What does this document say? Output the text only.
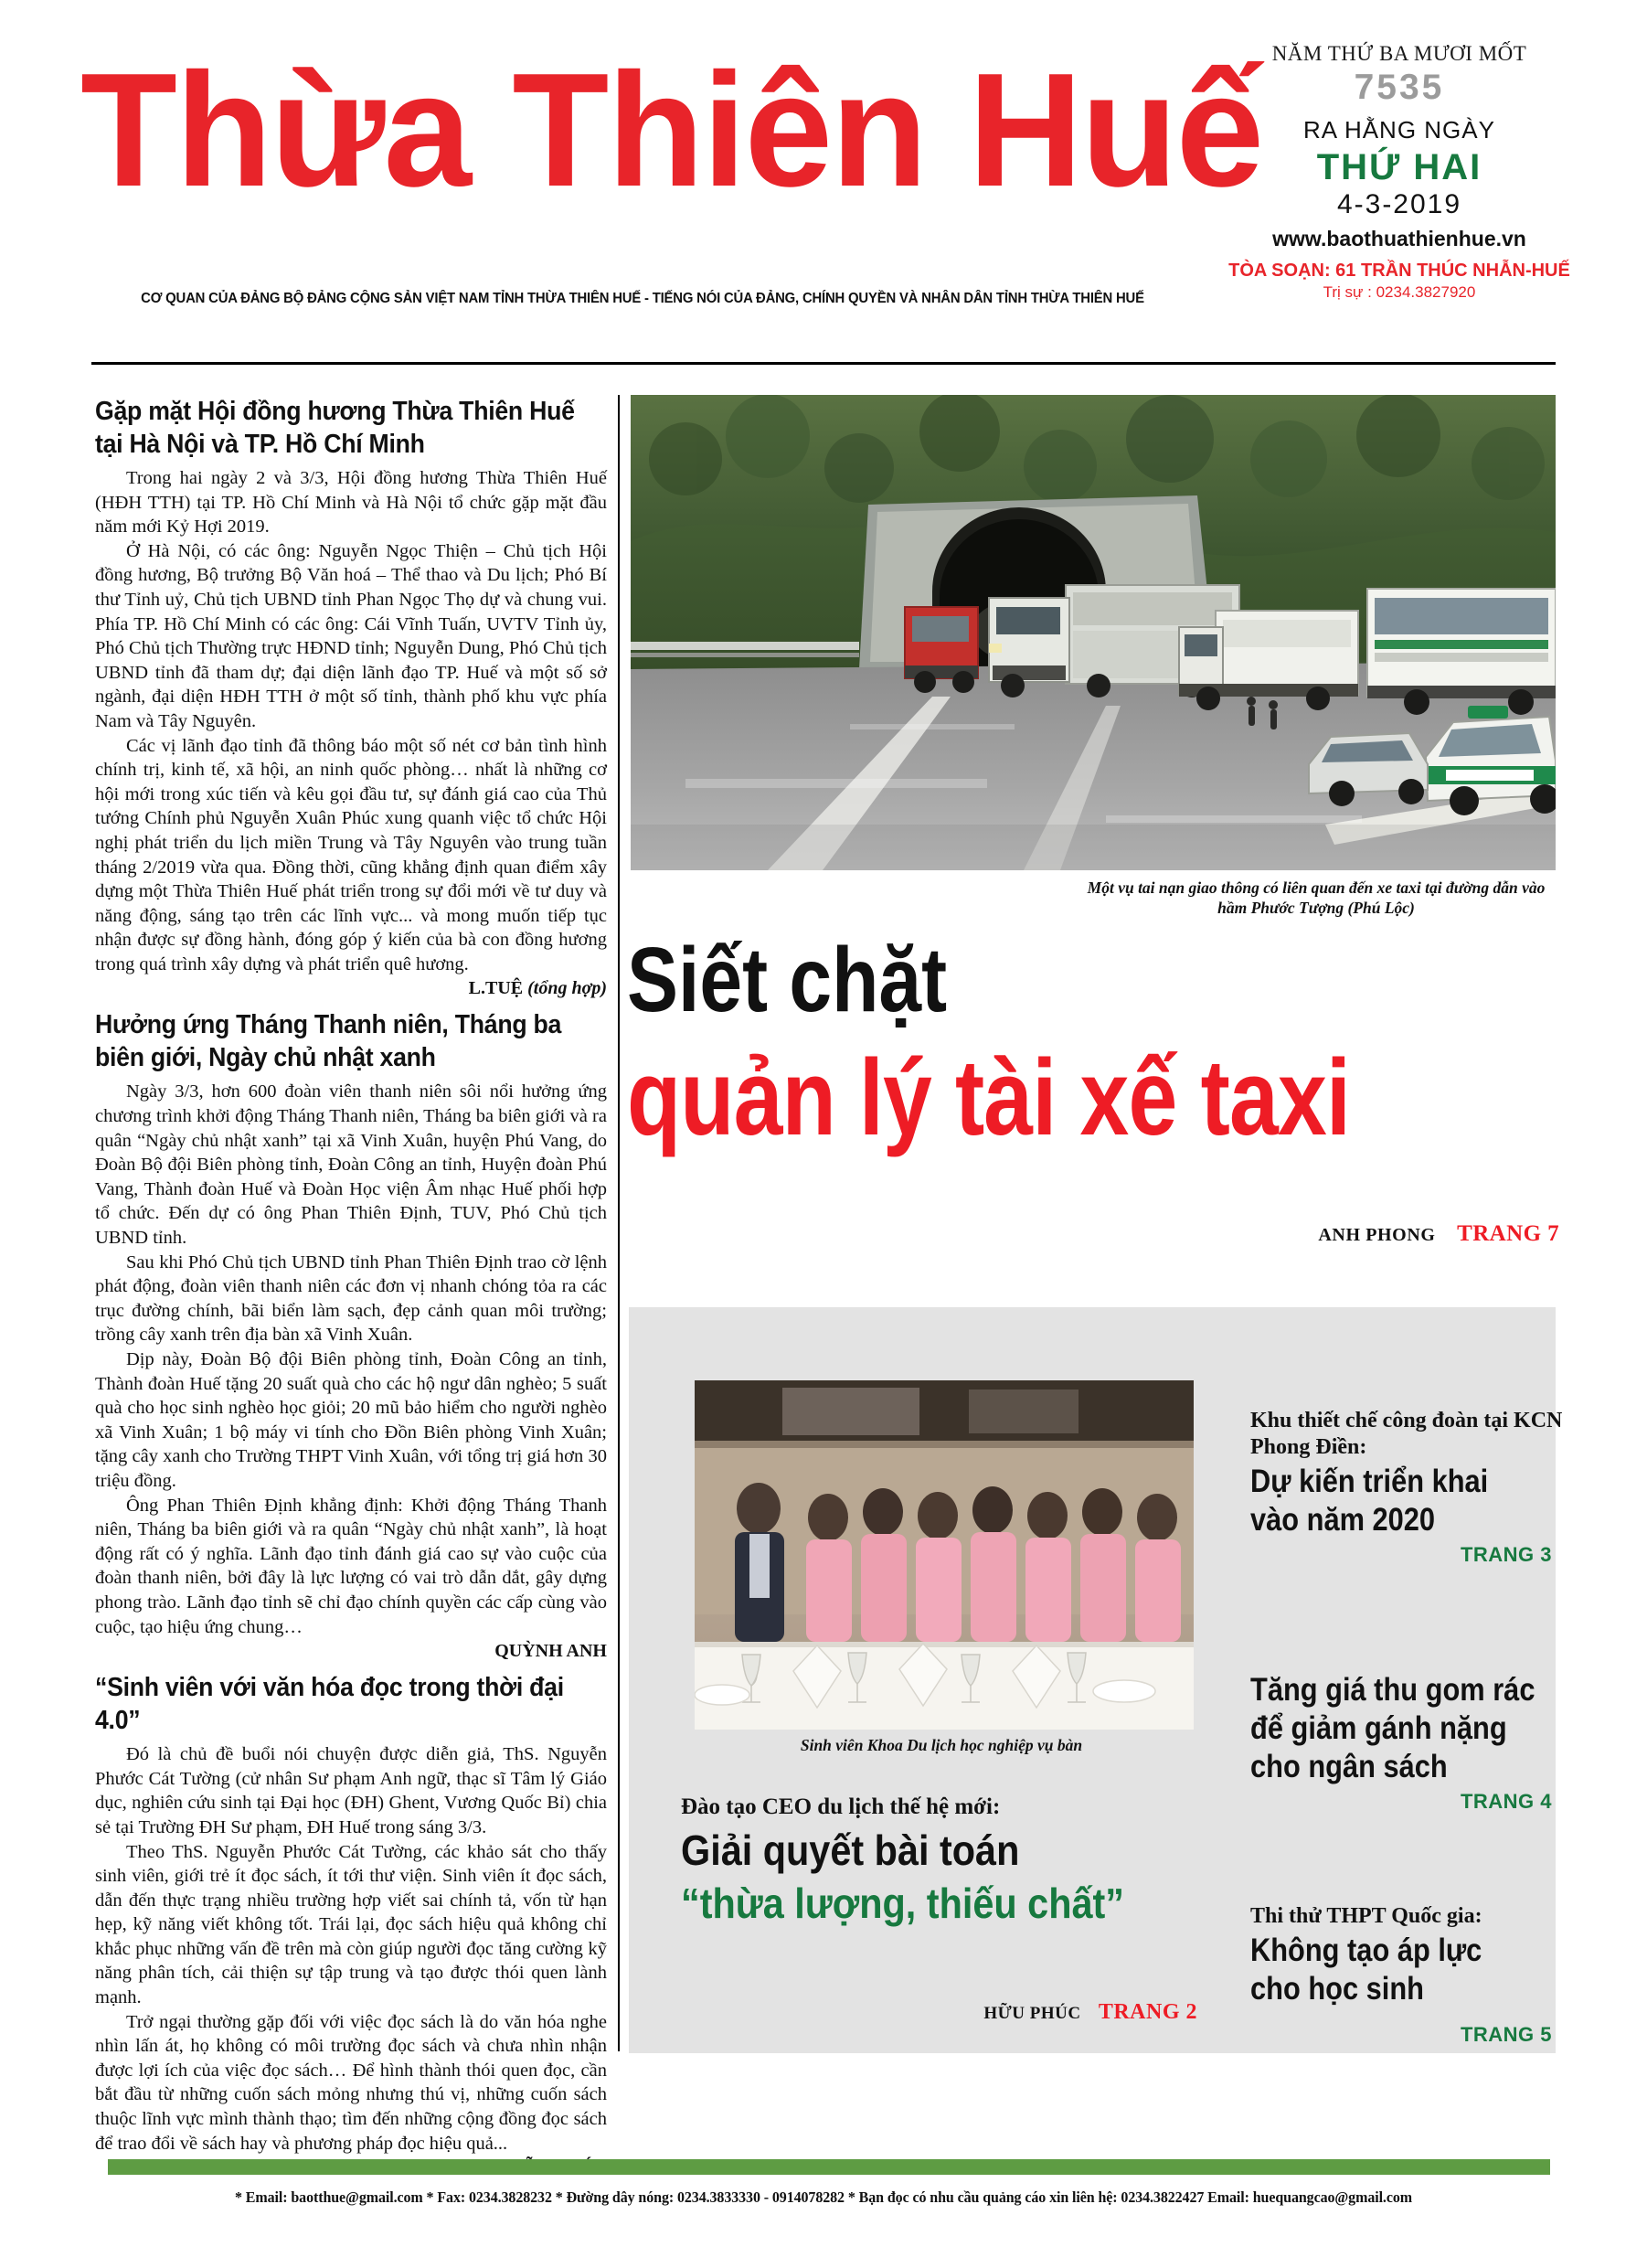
Thừa Thiên Huế NĂM THỨ BA MƯƠI MỐT
7535
RA HẰNG NGÀY
THỨ HAI
4-3-2019
www.baothuathienhue.vn
TÒA SOẠN: 61 TRẦN THÚC NHẪN-HUẾ
Trị sự : 0234.3827920
CƠ QUAN CỦA ĐẢNG BỘ ĐẢNG CỘNG SẢN VIỆT NAM TỈNH THỪA THIÊN HUẾ - TIẾNG NÓI CỦA ĐẢNG, CHÍNH QUYỀN VÀ NHÂN DÂN TỈNH THỪA THIÊN HUẾ
Gặp mặt Hội đồng hương Thừa Thiên Huế tại Hà Nội và TP. Hồ Chí Minh

Trong hai ngày 2 và 3/3, Hội đồng hương Thừa Thiên Huế (HĐH TTH) tại TP. Hồ Chí Minh và Hà Nội tổ chức gặp mặt đầu năm mới Kỷ Hợi 2019.

Ở Hà Nội, có các ông: Nguyễn Ngọc Thiện – Chủ tịch Hội đồng hương, Bộ trưởng Bộ Văn hoá – Thể thao và Du lịch; Phó Bí thư Tỉnh uỷ, Chủ tịch UBND tỉnh Phan Ngọc Thọ dự và chung vui. Phía TP. Hồ Chí Minh có các ông: Cái Vĩnh Tuấn, UVTV Tỉnh ủy, Phó Chủ tịch Thường trực HĐND tỉnh; Nguyễn Dung, Phó Chủ tịch UBND tỉnh đã tham dự; đại diện lãnh đạo TP. Huế và một số sở ngành, đại diện HĐH TTH ở một số tỉnh, thành phố khu vực phía Nam và Tây Nguyên.

Các vị lãnh đạo tỉnh đã thông báo một số nét cơ bản tình hình chính trị, kinh tế, xã hội, an ninh quốc phòng… nhất là những cơ hội mới trong xúc tiến và kêu gọi đầu tư, sự đánh giá cao của Thủ tướng Chính phủ Nguyễn Xuân Phúc xung quanh việc tổ chức Hội nghị phát triển du lịch miền Trung và Tây Nguyên vào trung tuần tháng 2/2019 vừa qua. Đồng thời, cũng khẳng định quan điểm xây dựng một Thừa Thiên Huế phát triển trong sự đổi mới về tư duy và năng động, sáng tạo trên các lĩnh vực... và mong muốn tiếp tục nhận được sự đồng hành, đóng góp ý kiến của bà con đồng hương trong quá trình xây dựng và phát triển quê hương.

L.TUỆ (tổng hợp)
Hưởng ứng Tháng Thanh niên, Tháng ba biên giới, Ngày chủ nhật xanh

Ngày 3/3, hơn 600 đoàn viên thanh niên sôi nổi hưởng ứng chương trình khởi động Tháng Thanh niên, Tháng ba biên giới và ra quân “Ngày chủ nhật xanh” tại xã Vinh Xuân, huyện Phú Vang, do Đoàn Bộ đội Biên phòng tỉnh, Đoàn Công an tỉnh, Huyện đoàn Phú Vang, Thành đoàn Huế và Đoàn Học viện Âm nhạc Huế phối hợp tổ chức. Đến dự có ông Phan Thiên Định, TUV, Phó Chủ tịch UBND tỉnh.

Sau khi Phó Chủ tịch UBND tỉnh Phan Thiên Định trao cờ lệnh phát động, đoàn viên thanh niên các đơn vị nhanh chóng tỏa ra các trục đường chính, bãi biển làm sạch, đẹp cảnh quan môi trường; trồng cây xanh trên địa bàn xã Vinh Xuân.

Dịp này, Đoàn Bộ đội Biên phòng tỉnh, Đoàn Công an tỉnh, Thành đoàn Huế tặng 20 suất quà cho các hộ ngư dân nghèo; 5 suất quà cho học sinh nghèo học giỏi; 20 mũ bảo hiểm cho người nghèo xã Vinh Xuân; 1 bộ máy vi tính cho Đồn Biên phòng Vinh Xuân; tặng cây xanh cho Trường THPT Vinh Xuân, với tổng trị giá hơn 30 triệu đồng.

Ông Phan Thiên Định khẳng định: Khởi động Tháng Thanh niên, Tháng ba biên giới và ra quân “Ngày chủ nhật xanh”, là hoạt động rất có ý nghĩa. Lãnh đạo tỉnh đánh giá cao sự vào cuộc của đoàn thanh niên, bởi đây là lực lượng có vai trò dẫn dắt, gây dựng phong trào. Lãnh đạo tỉnh sẽ chỉ đạo chính quyền các cấp cùng vào cuộc, tạo hiệu ứng chung…

QUỲNH ANH
“Sinh viên với văn hóa đọc trong thời đại 4.0”

Đó là chủ đề buổi nói chuyện được diễn giả, ThS. Nguyễn Phước Cát Tường (cử nhân Sư phạm Anh ngữ, thạc sĩ Tâm lý Giáo dục, nghiên cứu sinh tại Đại học (ĐH) Ghent, Vương Quốc Bỉ) chia sẻ tại Trường ĐH Sư phạm, ĐH Huế trong sáng 3/3.

Theo ThS. Nguyễn Phước Cát Tường, các khảo sát cho thấy sinh viên, giới trẻ ít đọc sách, ít tới thư viện. Sinh viên ít đọc sách, dẫn đến thực trạng nhiều trường hợp viết sai chính tả, vốn từ hạn hẹp, kỹ năng viết không tốt. Trái lại, đọc sách hiệu quả không chỉ khắc phục những vấn đề trên mà còn giúp người đọc tăng cường kỹ năng phân tích, cải thiện sự tập trung và tạo được thói quen lành mạnh.

Trở ngại thường gặp đối với việc đọc sách là do văn hóa nghe nhìn lấn át, họ không có môi trường đọc sách và chưa nhìn nhận được lợi ích của việc đọc sách… Để hình thành thói quen đọc, cần bắt đầu từ những cuốn sách mỏng nhưng thú vị, những cuốn sách thuộc lĩnh vực mình thành thạo; tìm đến những cộng đồng đọc sách để trao đổi về sách hay và phương pháp đọc hiệu quả...

Một vụ tai nạn giao thông có liên quan đến xe taxi tại đường dẫn vào hầm Phước Tượng (Phú Lộc)
Siết chặt
quản lý tài xế taxi
ANH PHONG TRANG 7
Sinh viên Khoa Du lịch học nghiệp vụ bàn
Đào tạo CEO du lịch thế hệ mới:
Giải quyết bài toán
“thừa lượng, thiếu chất”
HỮU PHÚC TRANG 2
Khu thiết chế công đoàn tại KCN Phong Điền:
Dự kiến triển khai
vào năm 2020
TRANG 3
Tăng giá thu gom rác
để giảm gánh nặng
cho ngân sách
TRANG 4
Thi thử THPT Quốc gia:
Không tạo áp lực
cho học sinh
TRANG 5
* Email: baotthue@gmail.com * Fax: 0234.3828232 * Đường dây nóng: 0234.3833330 - 0914078282 * Bạn đọc có nhu cầu quảng cáo xin liên hệ: 0234.3822427 Email: huequangcao@gmail.com
